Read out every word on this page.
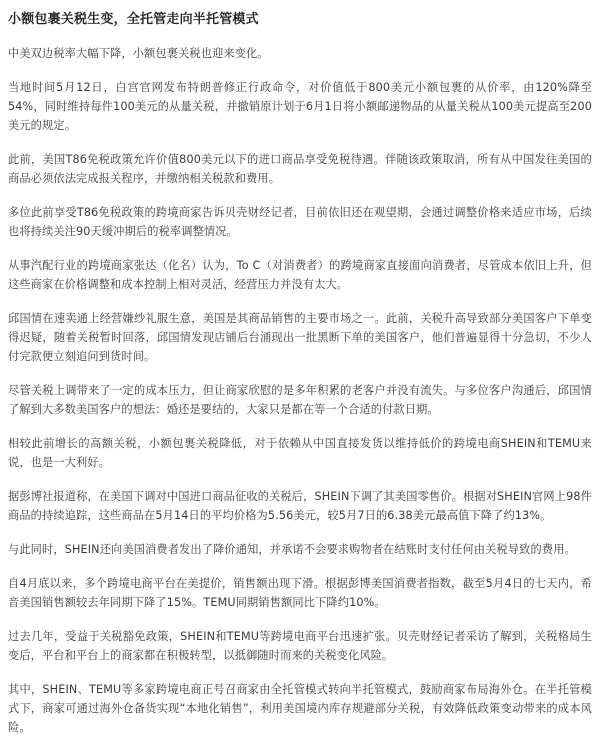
小额包裹关税生变，全托管走向半托管模式

中美双边税率大幅下降，小额包裹关税也迎来变化。

当地时间5月12日，白宫官网发布特朗普修正行政命令，对价值低于800美元小额包裹的从价率，由120%降至54%，同时维持每件100美元的从量关税，并撤销原计划于6月1日将小额邮递物品的从量关税从100美元提高至200美元的规定。

此前，美国T86免税政策允许价值800美元以下的进口商品享受免税待遇。伴随该政策取消，所有从中国发往美国的商品必须依法完成报关程序，并缴纳相关税款和费用。

多位此前享受T86免税政策的跨境商家告诉贝壳财经记者，目前依旧还在观望期，会通过调整价格来适应市场，后续也将持续关注90天缓冲期后的税率调整情况。

从事汽配行业的跨境商家张达（化名）认为，To C（对消费者）的跨境商家直接面向消费者，尽管成本依旧上升，但这些商家在价格调整和成本控制上相对灵活，经营压力并没有太大。

邱国情在速卖通上经营嫌纱礼服生意，美国是其商品销售的主要市场之一。此前，关税升高导致部分美国客户下单变得迟疑，随着关税暂时回落，邱国情发现店铺后台涌现出一批黑断下单的美国客户，他们普遍显得十分急切，不少人付完款便立刻追问到货时间。

尽管关税上调带来了一定的成本压力，但让商家欣慰的是多年积累的老客户并没有流失。与多位客户沟通后，邱国情了解到大多数美国客户的想法：婚还是要结的，大家只是都在等一个合适的付款日期。

相较此前增长的高额关税，小额包裹关税降低，对于依赖从中国直接发货以维持低价的跨境电商SHEIN和TEMU来说，也是一大利好。

据彭博社报道称，在美国下调对中国进口商品征收的关税后，SHEIN下调了其美国零售价。根据对SHEIN官网上98件商品的持续追踪，这些商品在5月14日的平均价格为5.56美元，较5月7日的6.38美元最高值下降了约13%。

与此同时，SHEIN还向美国消费者发出了降价通知，并承诺不会要求购物者在结账时支付任何由关税导致的费用。

自4月底以来，多个跨境电商平台在美提价，销售额出现下滑。根据彭博美国消费者指数，截至5月4日的七天内，希音美国销售额较去年同期下降了15%。TEMU同期销售额同比下降约10%。

过去几年，受益于关税豁免政策，SHEIN和TEMU等跨境电商平台迅速扩张。贝壳财经记者采访了解到，关税格局生变后，平台和平台上的商家都在积极转型，以抵御随时而来的关税变化风险。

其中，SHEIN、TEMU等多家跨境电商正号召商家由全托管模式转向半托管模式，鼓励商家布局海外仓。在半托管模式下，商家可通过海外仓备货实现“本地化销售”，利用美国境内库存规避部分关税，有效降低政策变动带来的成本风险。
